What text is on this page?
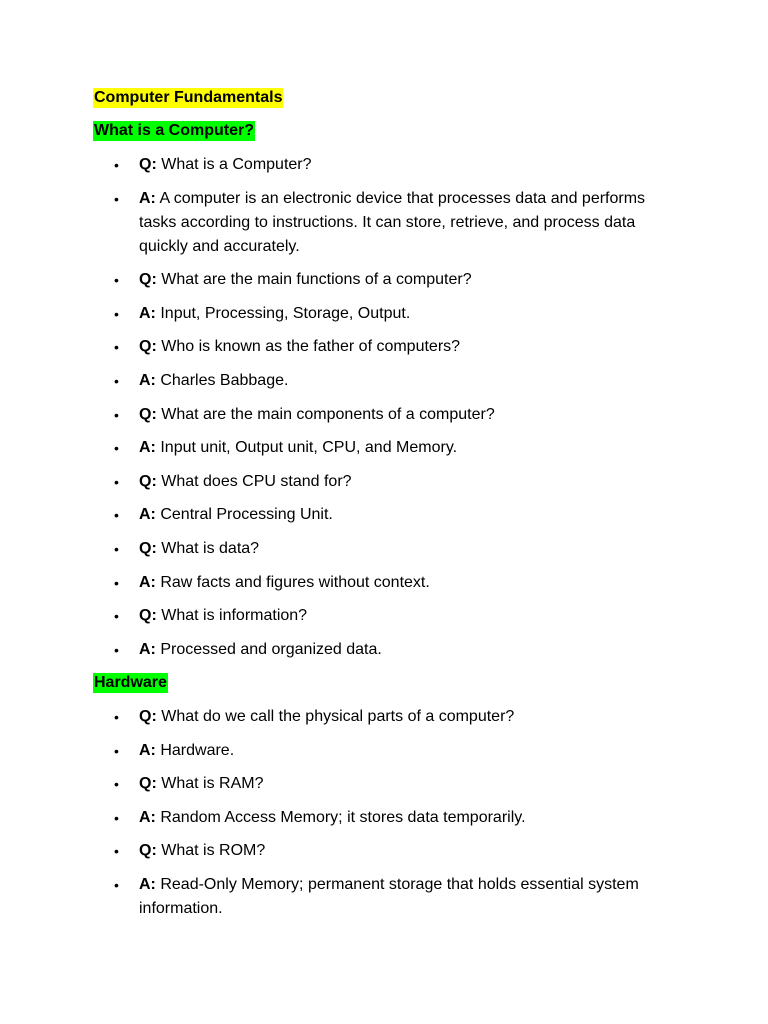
Computer Fundamentals
What is a Computer?
•	Q: What is a Computer?
•	A: A computer is an electronic device that processes data and performs tasks according to instructions. It can store, retrieve, and process data quickly and accurately.
•	Q: What are the main functions of a computer?
•	A: Input, Processing, Storage, Output.
•	Q: Who is known as the father of computers?
•	A: Charles Babbage.
•	Q: What are the main components of a computer?
•	A: Input unit, Output unit, CPU, and Memory.
•	Q: What does CPU stand for?
•	A: Central Processing Unit.
•	Q: What is data?
•	A: Raw facts and figures without context.
•	Q: What is information?
•	A: Processed and organized data.
Hardware
•	Q: What do we call the physical parts of a computer?
•	A: Hardware.
•	Q: What is RAM?
•	A: Random Access Memory; it stores data temporarily.
•	Q: What is ROM?
•	A: Read-Only Memory; permanent storage that holds essential system information.
